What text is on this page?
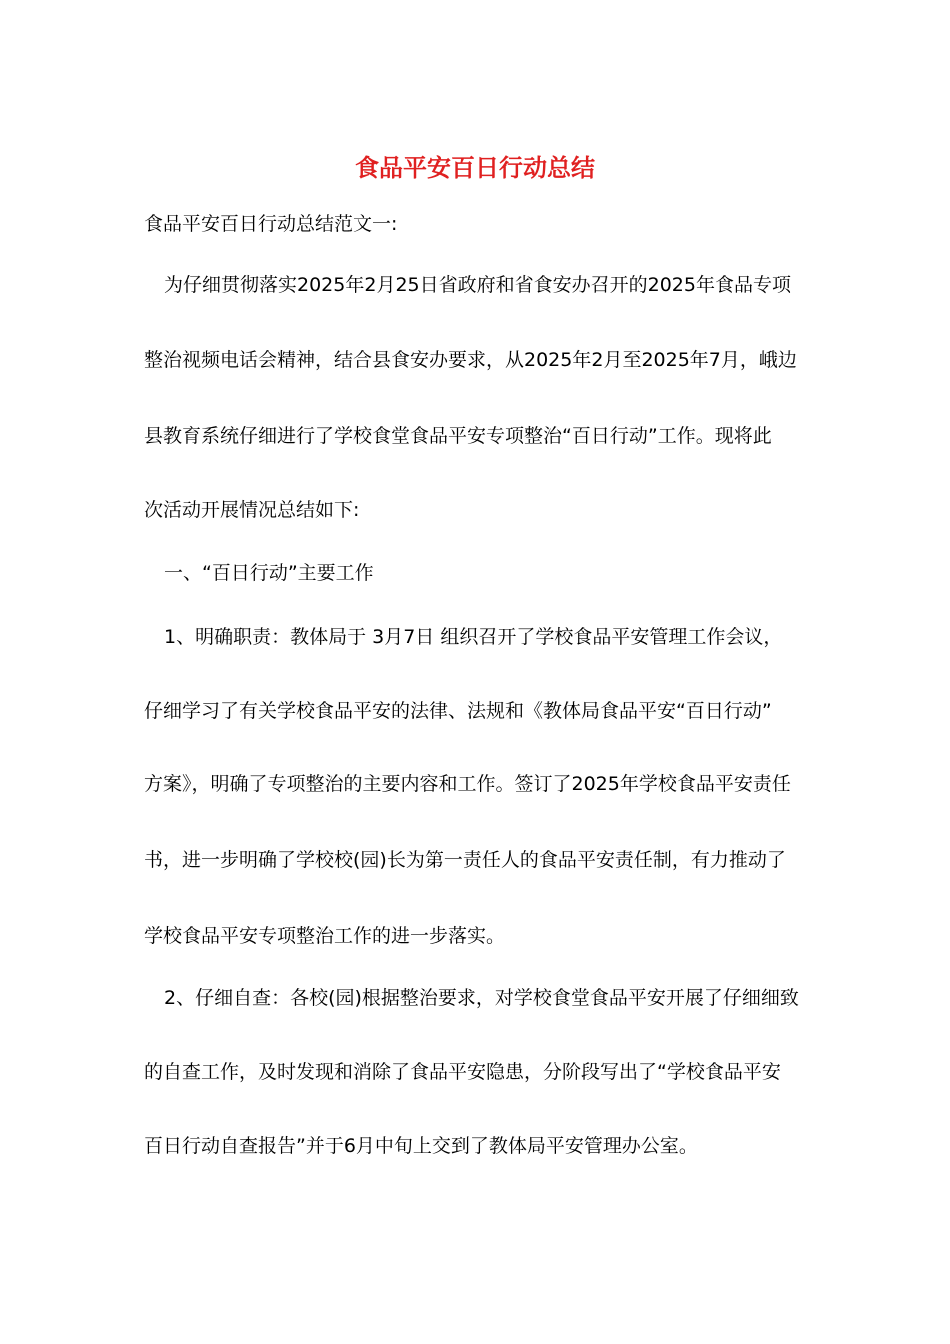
食品平安百日行动总结

食品平安百日行动总结范文一:

为仔细贯彻落实2025年2月25日省政府和省食安办召开的2025年食品专项

整治视频电话会精神，结合县食安办要求，从2025年2月至2025年7月，峨边

县教育系统仔细进行了学校食堂食品平安专项整治“百日行动”工作。现将此

次活动开展情况总结如下:

一、“百日行动”主要工作

1、明确职责：教体局于 3月7日 组织召开了学校食品平安管理工作会议，

仔细学习了有关学校食品平安的法律、法规和《教体局食品平安“百日行动”

方案》，明确了专项整治的主要内容和工作。签订了2025年学校食品平安责任

书，进一步明确了学校校(园)长为第一责任人的食品平安责任制，有力推动了

学校食品平安专项整治工作的进一步落实。

2、仔细自查：各校(园)根据整治要求，对学校食堂食品平安开展了仔细细致

的自查工作，及时发现和消除了食品平安隐患，分阶段写出了“学校食品平安

百日行动自查报告”并于6月中旬上交到了教体局平安管理办公室。
